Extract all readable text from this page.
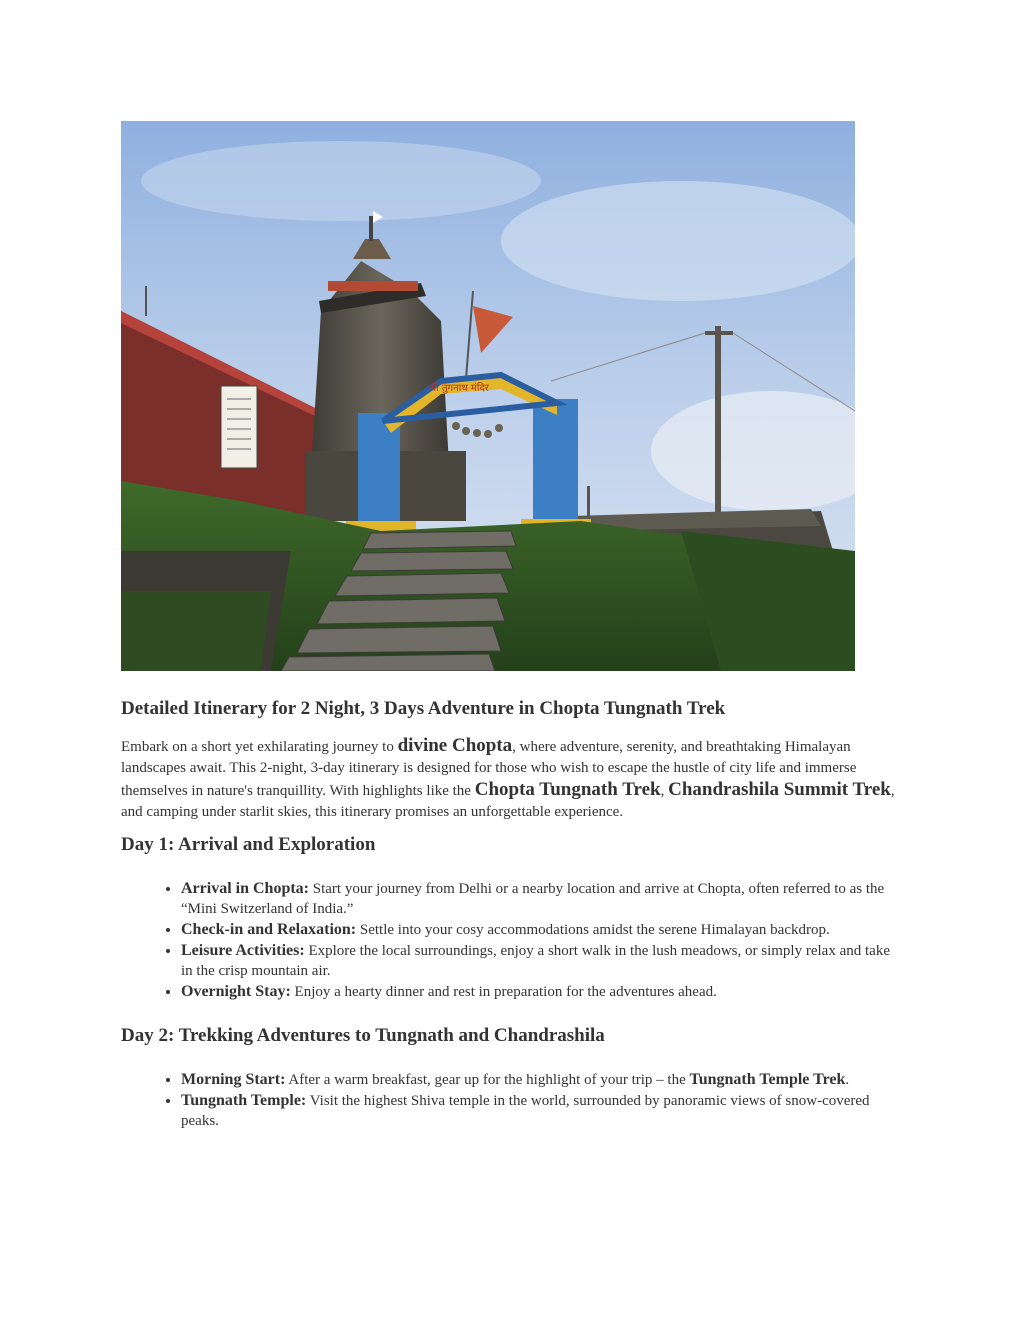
श्री तुंगनाथ मंदिर
Detailed Itinerary for 2 Night, 3 Days Adventure in Chopta Tungnath Trek

Embark on a short yet exhilarating journey to divine Chopta, where adventure, serenity, and breathtaking Himalayan landscapes await. This 2-night, 3-day itinerary is designed for those who wish to escape the hustle of city life and immerse themselves in nature's tranquillity. With highlights like the Chopta Tungnath Trek, Chandrashila Summit Trek, and camping under starlit skies, this itinerary promises an unforgettable experience.

Day 1: Arrival and Exploration
• Arrival in Chopta: Start your journey from Delhi or a nearby location and arrive at Chopta, often referred to as the “Mini Switzerland of India.”
• Check-in and Relaxation: Settle into your cosy accommodations amidst the serene Himalayan backdrop.
• Leisure Activities: Explore the local surroundings, enjoy a short walk in the lush meadows, or simply relax and take in the crisp mountain air.
• Overnight Stay: Enjoy a hearty dinner and rest in preparation for the adventures ahead.
Day 2: Trekking Adventures to Tungnath and Chandrashila
• Morning Start: After a warm breakfast, gear up for the highlight of your trip – the Tungnath Temple Trek.
• Tungnath Temple: Visit the highest Shiva temple in the world, surrounded by panoramic views of snow-covered peaks.
